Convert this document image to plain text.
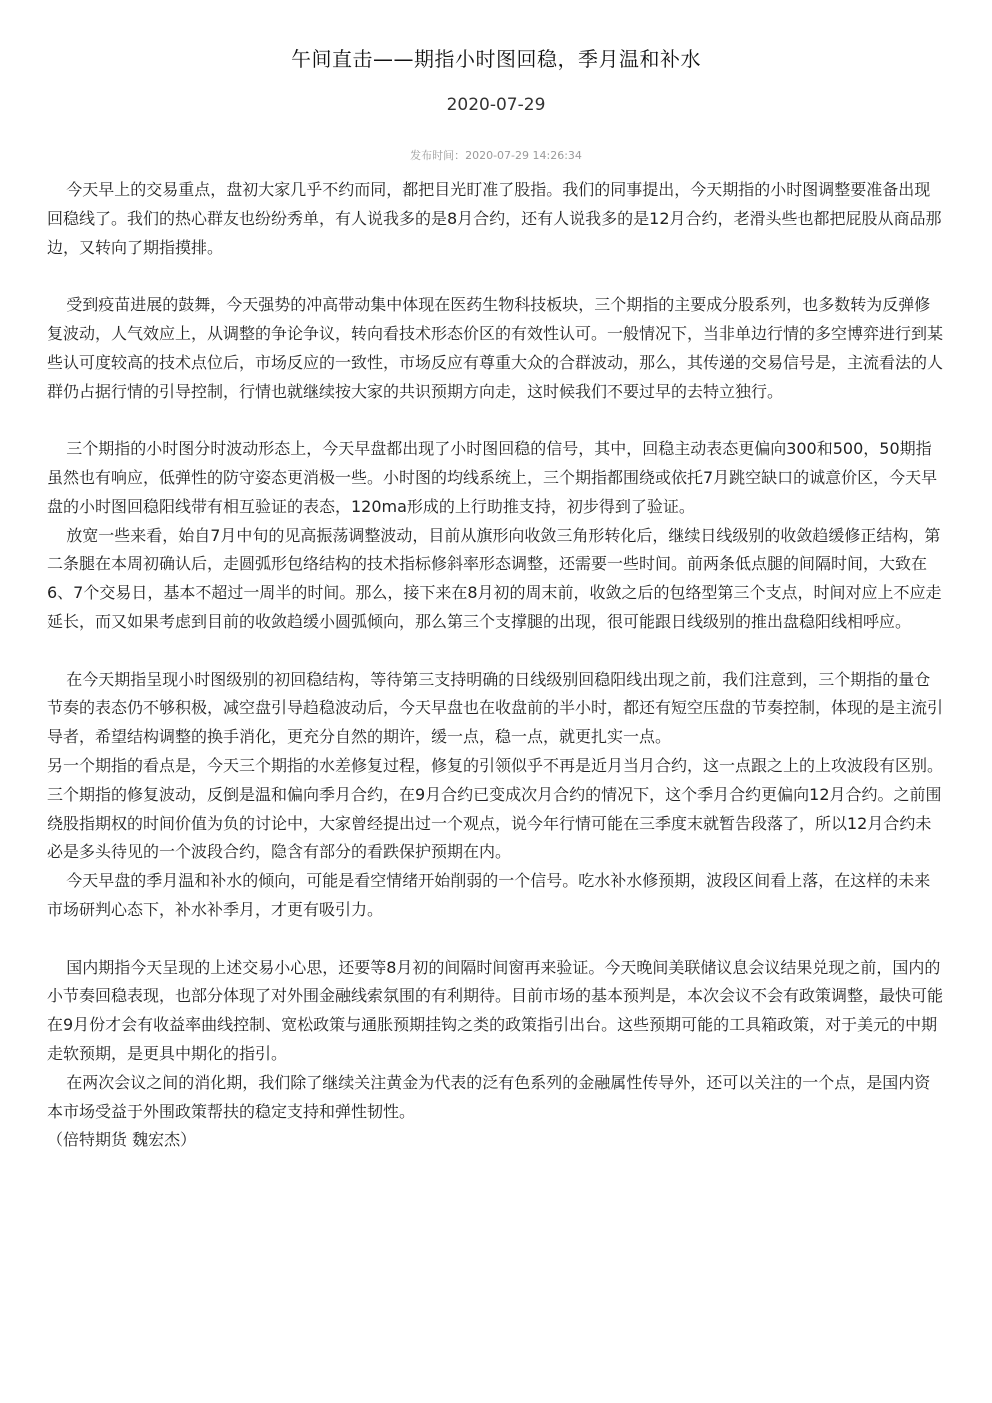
午间直击——期指小时图回稳，季月温和补水
2020-07-29
发布时间：2020-07-29 14:26:34

今天早上的交易重点，盘初大家几乎不约而同，都把目光盯准了股指。我们的同事提出，今天期指的小时图调整要准备出现回稳线了。我们的热心群友也纷纷秀单，有人说我多的是8月合约，还有人说我多的是12月合约，老滑头些也都把屁股从商品那边，又转向了期指摸排。

受到疫苗进展的鼓舞，今天强势的冲高带动集中体现在医药生物科技板块，三个期指的主要成分股系列，也多数转为反弹修复波动，人气效应上，从调整的争论争议，转向看技术形态价区的有效性认可。一般情况下，当非单边行情的多空博弈进行到某些认可度较高的技术点位后，市场反应的一致性，市场反应有尊重大众的合群波动，那么，其传递的交易信号是，主流看法的人群仍占据行情的引导控制，行情也就继续按大家的共识预期方向走，这时候我们不要过早的去特立独行。

三个期指的小时图分时波动形态上，今天早盘都出现了小时图回稳的信号，其中，回稳主动表态更偏向300和500，50期指虽然也有响应，低弹性的防守姿态更消极一些。小时图的均线系统上，三个期指都围绕或依托7月跳空缺口的诚意价区，今天早盘的小时图回稳阳线带有相互验证的表态，120ma形成的上行助推支持，初步得到了验证。

放宽一些来看，始自7月中旬的见高振荡调整波动，目前从旗形向收敛三角形转化后，继续日线级别的收敛趋缓修正结构，第二条腿在本周初确认后，走圆弧形包络结构的技术指标修斜率形态调整，还需要一些时间。前两条低点腿的间隔时间，大致在6、7个交易日，基本不超过一周半的时间。那么，接下来在8月初的周末前，收敛之后的包络型第三个支点，时间对应上不应走延长，而又如果考虑到目前的收敛趋缓小圆弧倾向，那么第三个支撑腿的出现，很可能跟日线级别的推出盘稳阳线相呼应。

在今天期指呈现小时图级别的初回稳结构，等待第三支持明确的日线级别回稳阳线出现之前，我们注意到，三个期指的量仓节奏的表态仍不够积极，减空盘引导趋稳波动后，今天早盘也在收盘前的半小时，都还有短空压盘的节奏控制，体现的是主流引导者，希望结构调整的换手消化，更充分自然的期许，缓一点，稳一点，就更扎实一点。

另一个期指的看点是，今天三个期指的水差修复过程，修复的引领似乎不再是近月当月合约，这一点跟之上的上攻波段有区别。三个期指的修复波动，反倒是温和偏向季月合约，在9月合约已变成次月合约的情况下，这个季月合约更偏向12月合约。之前围绕股指期权的时间价值为负的讨论中，大家曾经提出过一个观点，说今年行情可能在三季度末就暂告段落了，所以12月合约未必是多头待见的一个波段合约，隐含有部分的看跌保护预期在内。

今天早盘的季月温和补水的倾向，可能是看空情绪开始削弱的一个信号。吃水补水修预期，波段区间看上落，在这样的未来市场研判心态下，补水补季月，才更有吸引力。

国内期指今天呈现的上述交易小心思，还要等8月初的间隔时间窗再来验证。今天晚间美联储议息会议结果兑现之前，国内的小节奏回稳表现，也部分体现了对外围金融线索氛围的有利期待。目前市场的基本预判是，本次会议不会有政策调整，最快可能在9月份才会有收益率曲线控制、宽松政策与通胀预期挂钩之类的政策指引出台。这些预期可能的工具箱政策，对于美元的中期走软预期，是更具中期化的指引。

在两次会议之间的消化期，我们除了继续关注黄金为代表的泛有色系列的金融属性传导外，还可以关注的一个点，是国内资本市场受益于外围政策帮扶的稳定支持和弹性韧性。

（倍特期货 魏宏杰）
